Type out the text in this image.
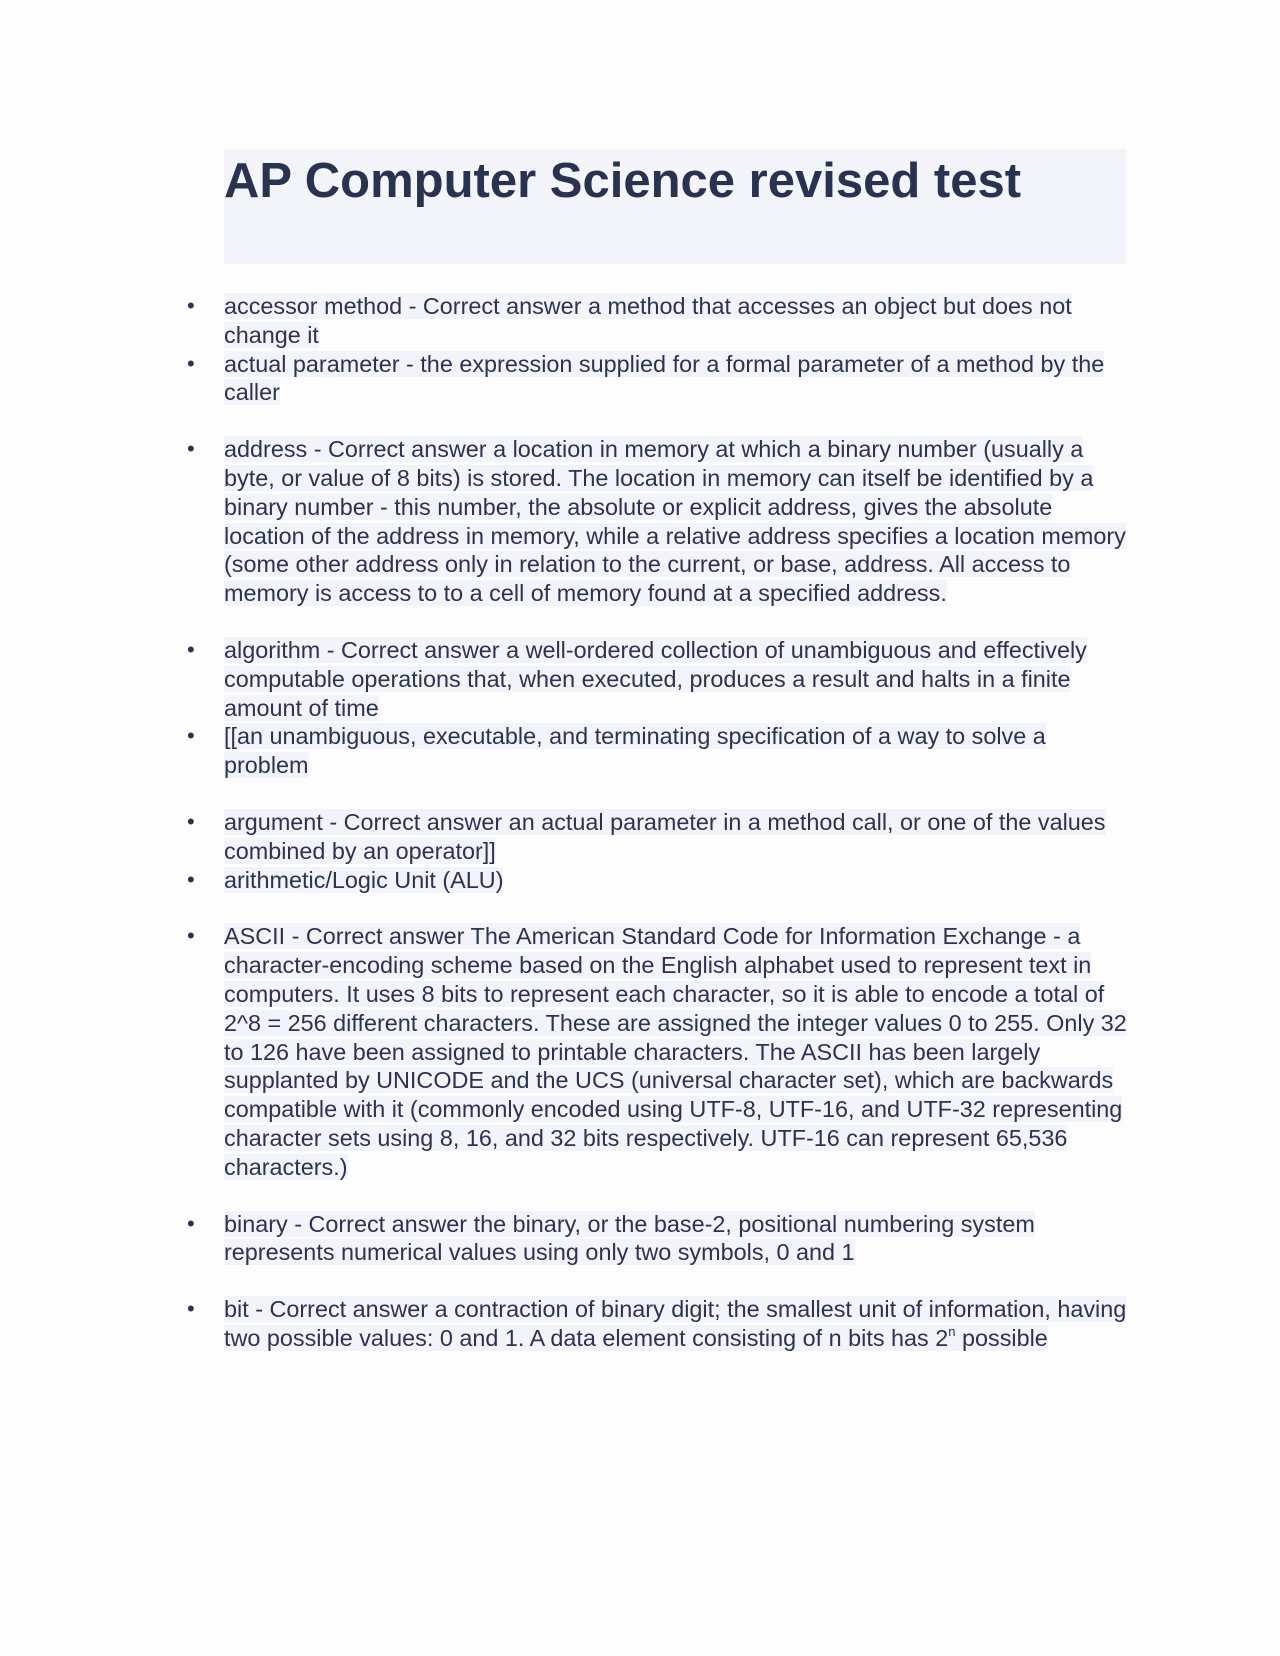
AP Computer Science revised test
• accessor method - Correct answer a method that accesses an object but does not change it
• actual parameter - the expression supplied for a formal parameter of a method by the caller
• address - Correct answer a location in memory at which a binary number (usually a byte, or value of 8 bits) is stored. The location in memory can itself be identified by a binary number - this number, the absolute or explicit address, gives the absolute location of the address in memory, while a relative address specifies a location memory (some other address only in relation to the current, or base, address. All access to memory is access to to a cell of memory found at a specified address.
• algorithm - Correct answer a well-ordered collection of unambiguous and effectively computable operations that, when executed, produces a result and halts in a finite amount of time
• [[an unambiguous, executable, and terminating specification of a way to solve a problem
• argument - Correct answer an actual parameter in a method call, or one of the values combined by an operator]]
• arithmetic/Logic Unit (ALU)
• ASCII - Correct answer The American Standard Code for Information Exchange - a character-encoding scheme based on the English alphabet used to represent text in computers. It uses 8 bits to represent each character, so it is able to encode a total of 2^8 = 256 different characters. These are assigned the integer values 0 to 255. Only 32 to 126 have been assigned to printable characters. The ASCII has been largely supplanted by UNICODE and the UCS (universal character set), which are backwards compatible with it (commonly encoded using UTF-8, UTF-16, and UTF-32 representing character sets using 8, 16, and 32 bits respectively. UTF-16 can represent 65,536 characters.)
• binary - Correct answer the binary, or the base-2, positional numbering system represents numerical values using only two symbols, 0 and 1
• bit - Correct answer a contraction of binary digit; the smallest unit of information, having two possible values: 0 and 1. A data element consisting of n bits has 2$^n$ possible
